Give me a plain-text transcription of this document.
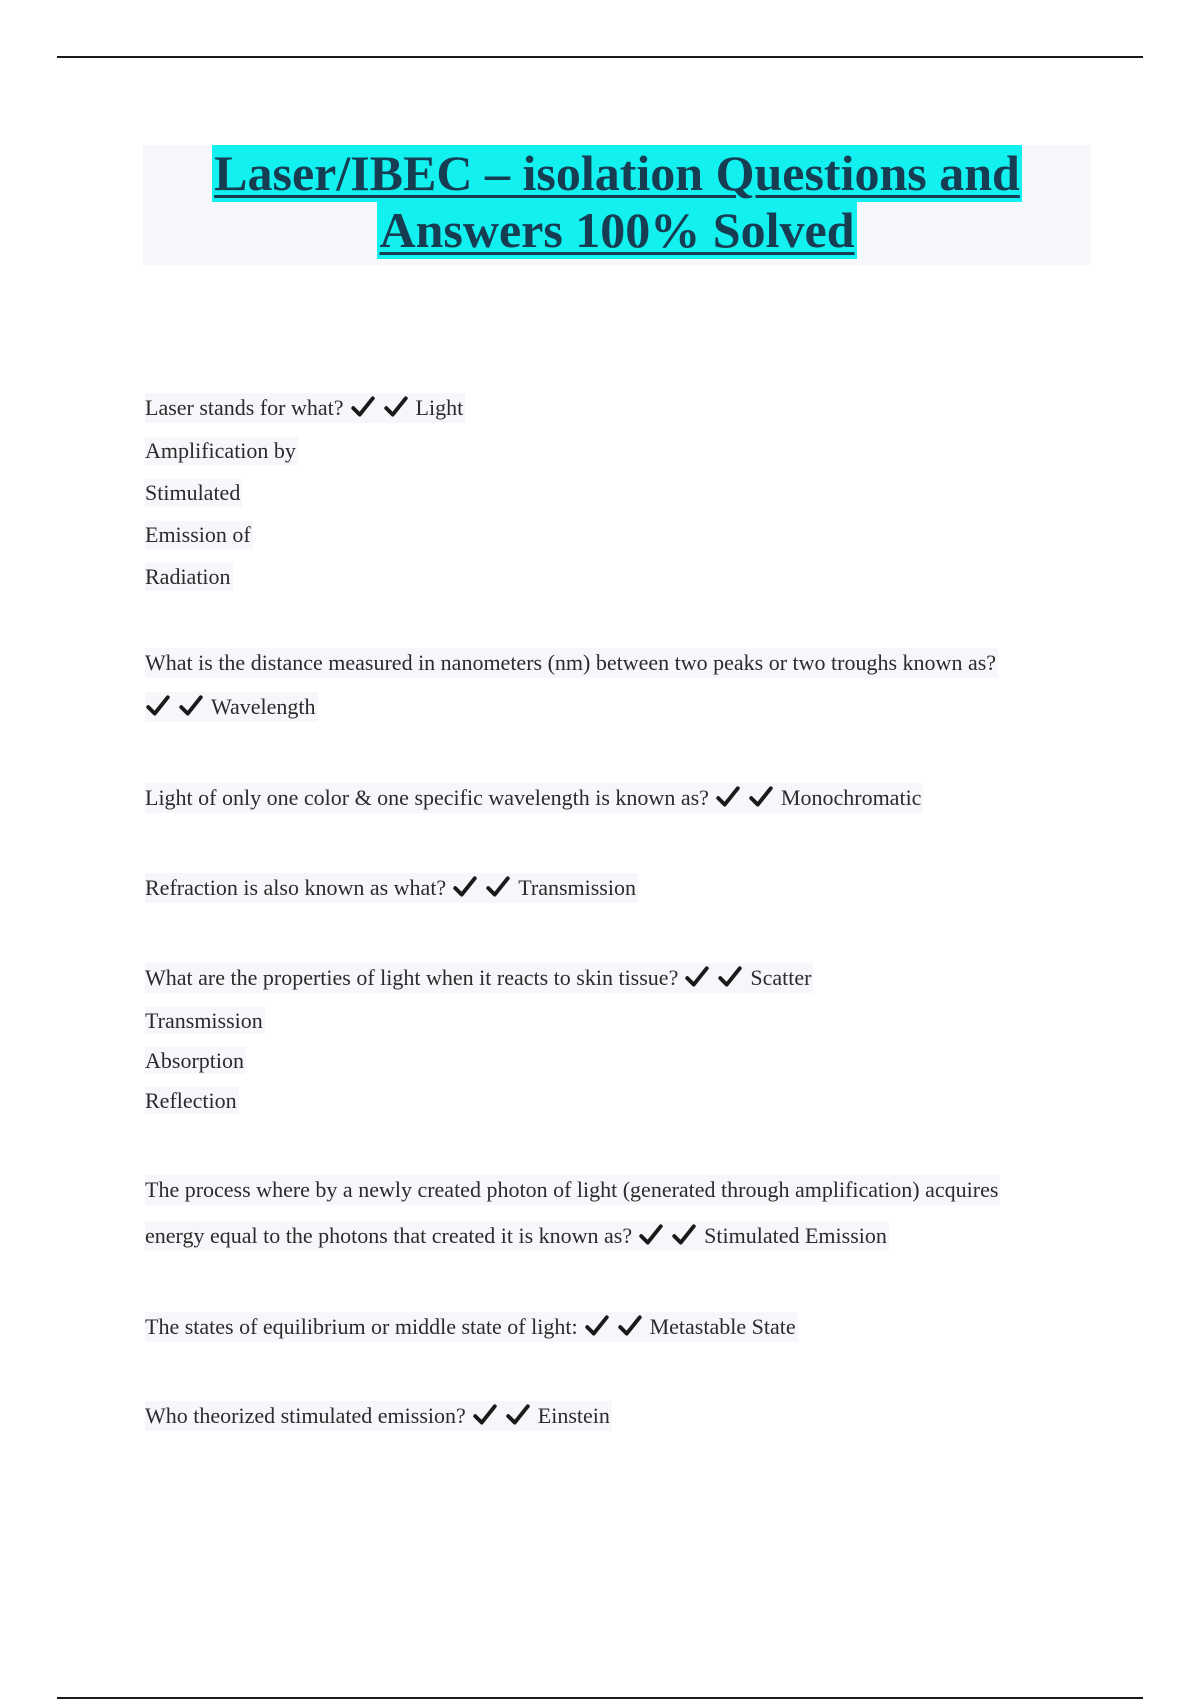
Laser/IBEC – isolation Questions and
Answers 100% Solved
Laser stands for what?	Light
Amplification by
Stimulated
Emission of
Radiation
What is the distance measured in nanometers (nm) between two peaks or two troughs known as?
Wavelength
Light of only one color & one specific wavelength is known as?	Monochromatic
Refraction is also known as what?	Transmission
What are the properties of light when it reacts to skin tissue?	Scatter
Transmission
Absorption
Reflection
The process where by a newly created photon of light (generated through amplification) acquires
energy equal to the photons that created it is known as?	Stimulated Emission
The states of equilibrium or middle state of light:	Metastable State
Who theorized stimulated emission?	Einstein
